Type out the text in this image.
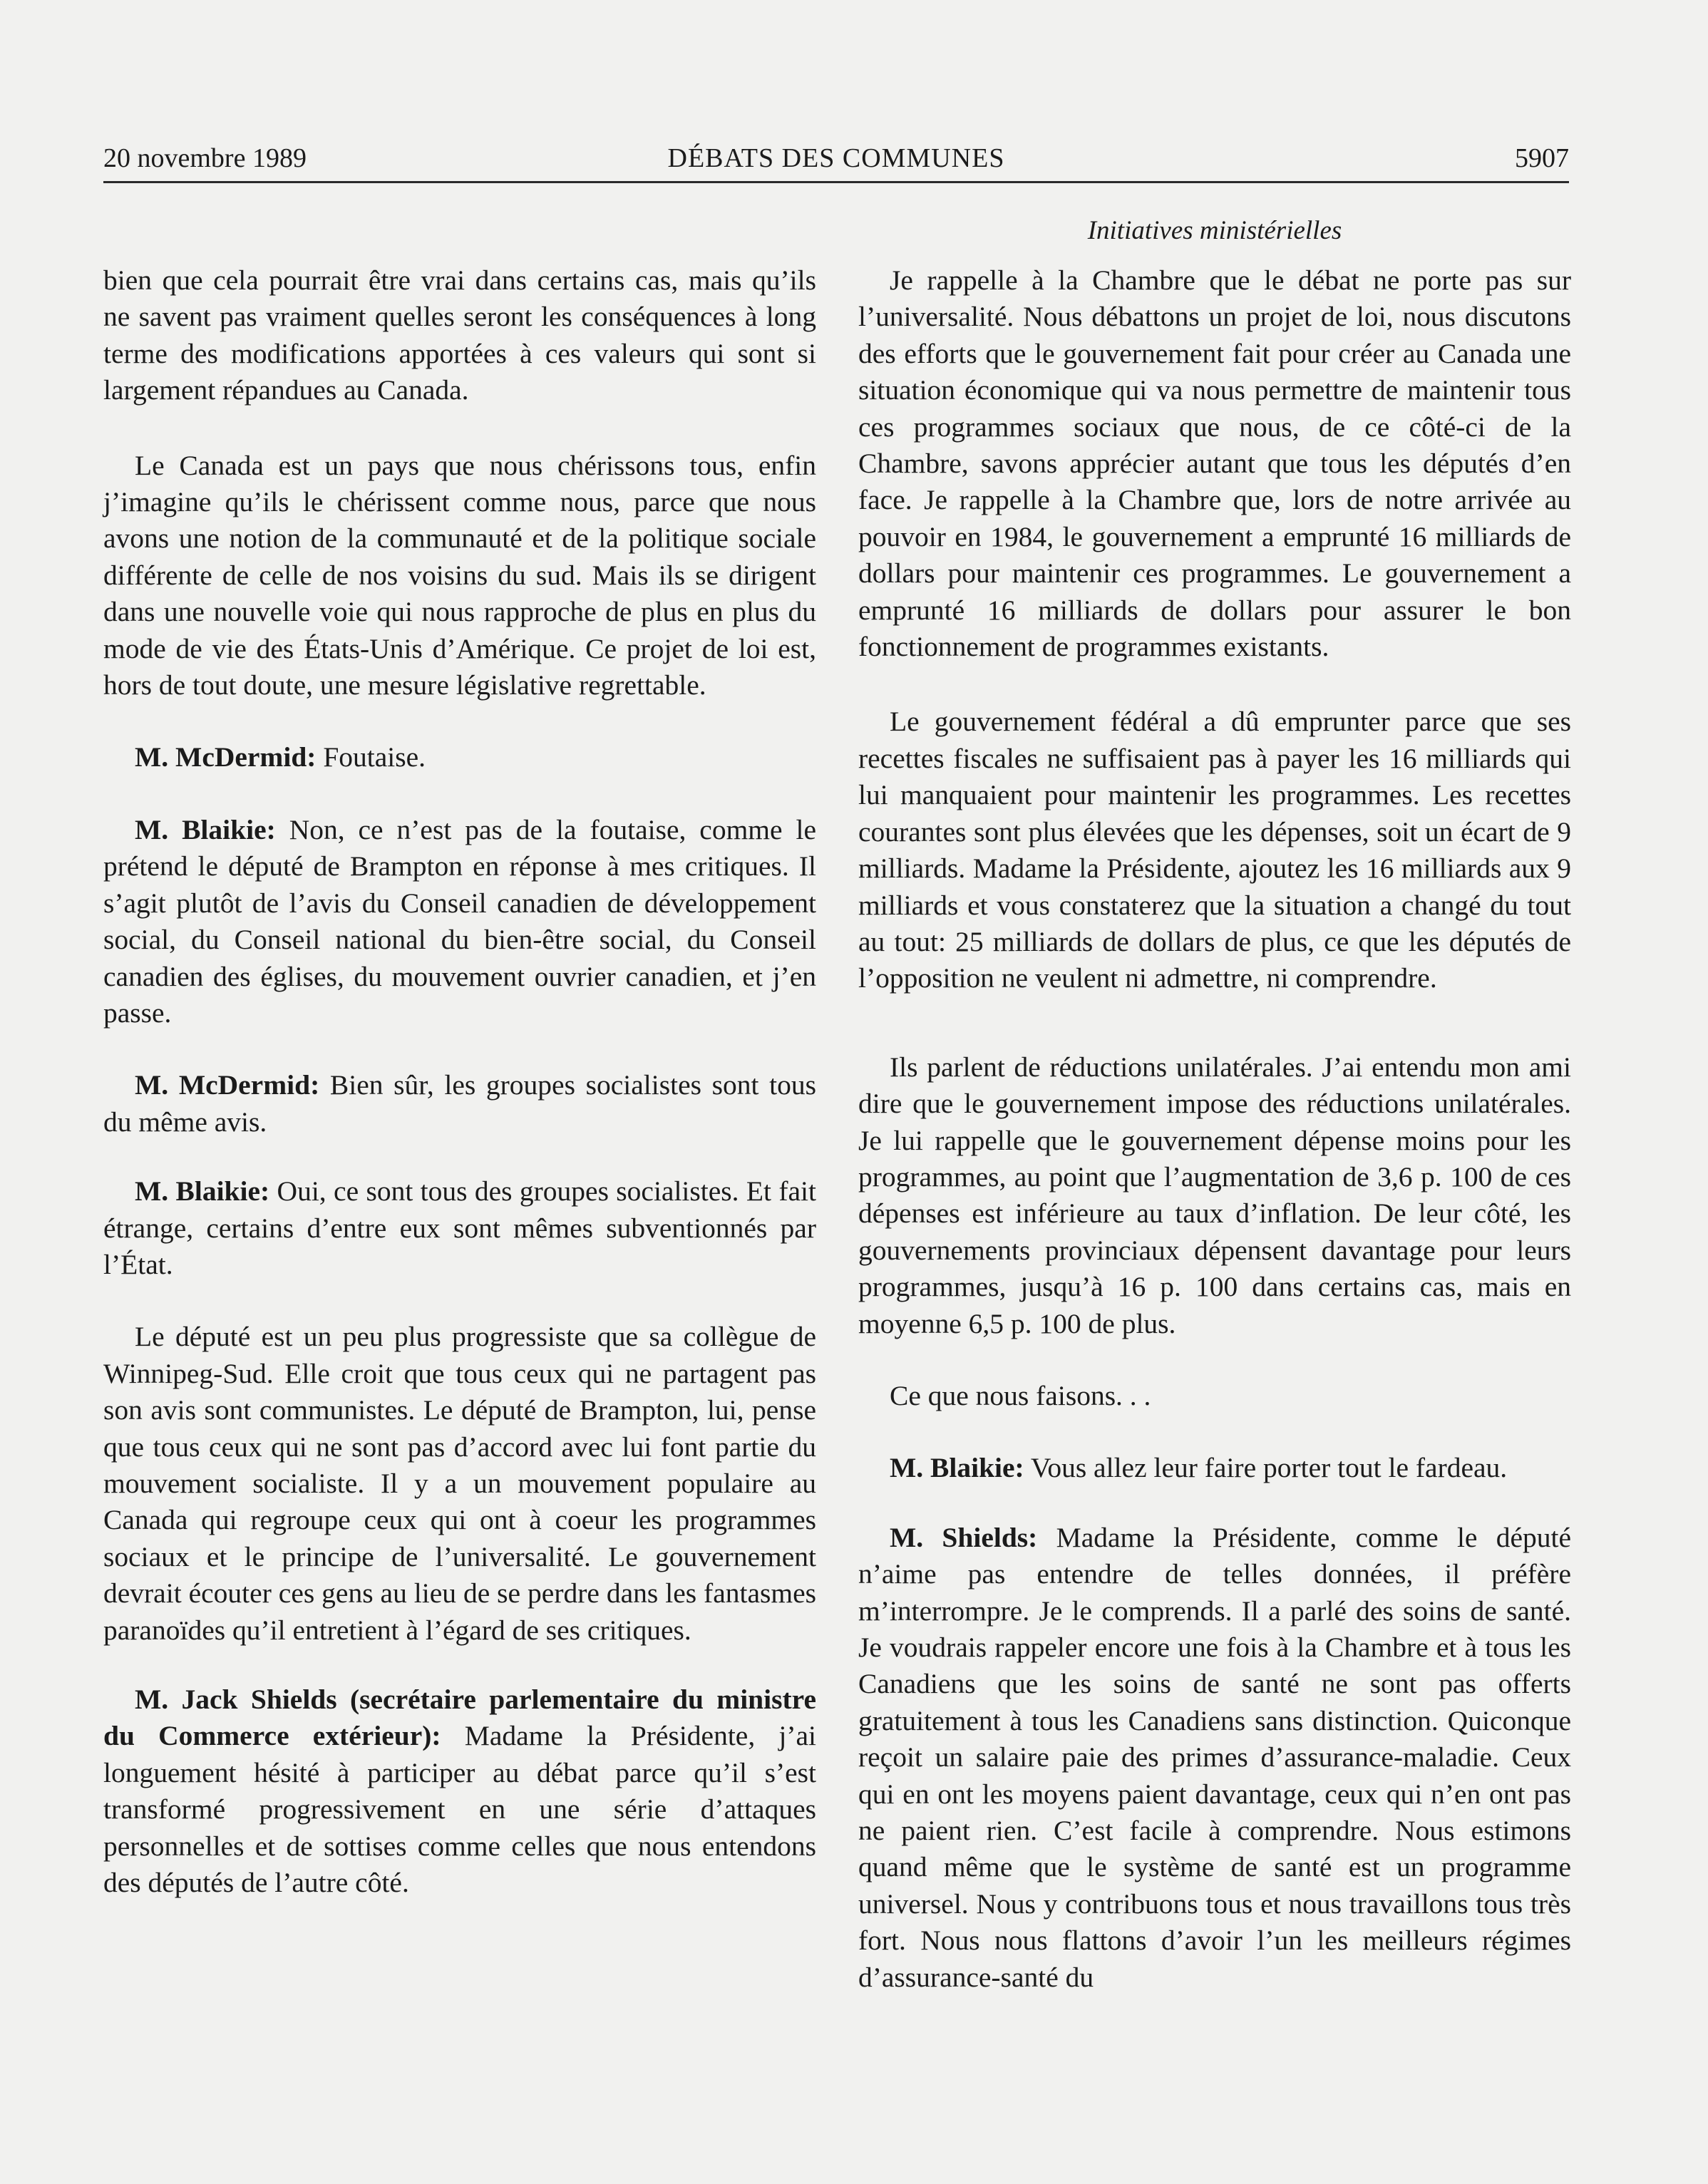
20 novembre 1989	DÉBATS DES COMMUNES	5907
Initiatives ministérielles

bien que cela pourrait être vrai dans certains cas, mais qu’ils ne savent pas vraiment quelles seront les conséquences à long terme des modifications apportées à ces valeurs qui sont si largement répandues au Canada.

Le Canada est un pays que nous chérissons tous, enfin j’imagine qu’ils le chérissent comme nous, parce que nous avons une notion de la communauté et de la politique sociale différente de celle de nos voisins du sud. Mais ils se dirigent dans une nouvelle voie qui nous rapproche de plus en plus du mode de vie des États-Unis d’Amérique. Ce projet de loi est, hors de tout doute, une mesure législative regrettable.

M. McDermid: Foutaise.

M. Blaikie: Non, ce n’est pas de la foutaise, comme le prétend le député de Brampton en réponse à mes critiques. Il s’agit plutôt de l’avis du Conseil canadien de développement social, du Conseil national du bien-être social, du Conseil canadien des églises, du mouvement ouvrier canadien, et j’en passe.

M. McDermid: Bien sûr, les groupes socialistes sont tous du même avis.

M. Blaikie: Oui, ce sont tous des groupes socialistes. Et fait étrange, certains d’entre eux sont mêmes subventionnés par l’État.

Le député est un peu plus progressiste que sa collègue de Winnipeg-Sud. Elle croit que tous ceux qui ne partagent pas son avis sont communistes. Le député de Brampton, lui, pense que tous ceux qui ne sont pas d’accord avec lui font partie du mouvement socialiste. Il y a un mouvement populaire au Canada qui regroupe ceux qui ont à coeur les programmes sociaux et le principe de l’universalité. Le gouvernement devrait écouter ces gens au lieu de se perdre dans les fantasmes paranoïdes qu’il entretient à l’égard de ses critiques.

M. Jack Shields (secrétaire parlementaire du ministre du Commerce extérieur): Madame la Présidente, j’ai longuement hésité à participer au débat parce qu’il s’est transformé progressivement en une série d’attaques personnelles et de sottises comme celles que nous entendons des députés de l’autre côté.

Je rappelle à la Chambre que le débat ne porte pas sur l’universalité. Nous débattons un projet de loi, nous discutons des efforts que le gouvernement fait pour créer au Canada une situation économique qui va nous permettre de maintenir tous ces programmes sociaux que nous, de ce côté-ci de la Chambre, savons apprécier autant que tous les députés d’en face. Je rappelle à la Chambre que, lors de notre arrivée au pouvoir en 1984, le gouvernement a emprunté 16 milliards de dollars pour maintenir ces programmes. Le gouvernement a emprunté 16 milliards de dollars pour assurer le bon fonctionnement de programmes existants.

Le gouvernement fédéral a dû emprunter parce que ses recettes fiscales ne suffisaient pas à payer les 16 milliards qui lui manquaient pour maintenir les programmes. Les recettes courantes sont plus élevées que les dépenses, soit un écart de 9 milliards. Madame la Présidente, ajoutez les 16 milliards aux 9 milliards et vous constaterez que la situation a changé du tout au tout: 25 milliards de dollars de plus, ce que les députés de l’opposition ne veulent ni admettre, ni comprendre.

Ils parlent de réductions unilatérales. J’ai entendu mon ami dire que le gouvernement impose des réductions unilatérales. Je lui rappelle que le gouvernement dépense moins pour les programmes, au point que l’augmentation de 3,6 p. 100 de ces dépenses est inférieure au taux d’inflation. De leur côté, les gouvernements provinciaux dépensent davantage pour leurs programmes, jusqu’à 16 p. 100 dans certains cas, mais en moyenne 6,5 p. 100 de plus.

Ce que nous faisons. . .

M. Blaikie: Vous allez leur faire porter tout le fardeau.

M. Shields: Madame la Présidente, comme le député n’aime pas entendre de telles données, il préfère m’interrompre. Je le comprends. Il a parlé des soins de santé. Je voudrais rappeler encore une fois à la Chambre et à tous les Canadiens que les soins de santé ne sont pas offerts gratuitement à tous les Canadiens sans distinction. Quiconque reçoit un salaire paie des primes d’assurance-maladie. Ceux qui en ont les moyens paient davantage, ceux qui n’en ont pas ne paient rien. C’est facile à comprendre. Nous estimons quand même que le système de santé est un programme universel. Nous y contribuons tous et nous travaillons tous très fort. Nous nous flattons d’avoir l’un les meilleurs régimes d’assurance-santé du
